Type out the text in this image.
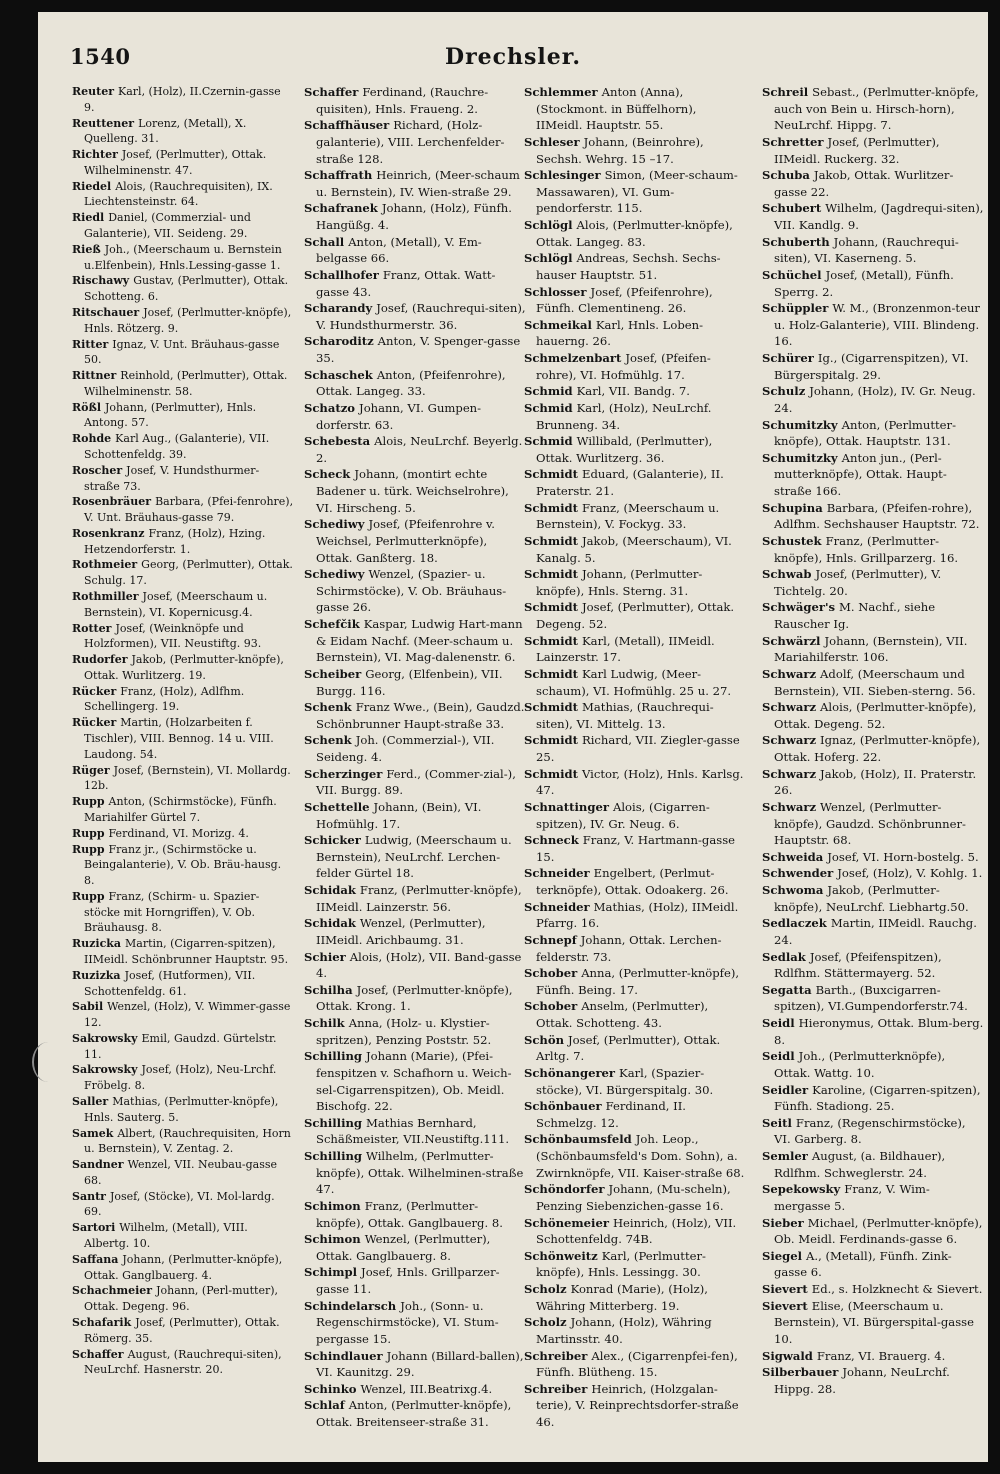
1540	Drechsler.

Reuter Karl, (Holz), II.Czernin-gasse 9.

Reuttener Lorenz, (Metall), X. Quelleng. 31.

Richter Josef, (Perlmutter), Ottak. Wilhelminenstr. 47.

Riedel Alois, (Rauchrequisiten), IX. Liechtensteinstr. 64.

Riedl Daniel, (Commerzial- und Galanterie), VII. Seideng. 29.

Rieß Joh., (Meerschaum u. Bernstein u.Elfenbein), Hnls.Lessing-gasse 1.

Rischawy Gustav, (Perlmutter), Ottak. Schotteng. 6.

Ritschauer Josef, (Perlmutter-knöpfe), Hnls. Rötzerg. 9.

Ritter Ignaz, V. Unt. Bräuhaus-gasse 50.

Rittner Reinhold, (Perlmutter), Ottak. Wilhelminenstr. 58.

Rößl Johann, (Perlmutter), Hnls. Antong. 57.

Rohde Karl Aug., (Galanterie), VII. Schottenfeldg. 39.

Roscher Josef, V. Hundsthurmer-straße 73.

Rosenbräuer Barbara, (Pfei-fenrohre), V. Unt. Bräuhaus-gasse 79.

Rosenkranz Franz, (Holz), Hzing. Hetzendorferstr. 1.

Rothmeier Georg, (Perlmutter), Ottak. Schulg. 17.

Rothmiller Josef, (Meerschaum u. Bernstein), VI. Kopernicusg.4.

Rotter Josef, (Weinknöpfe und Holzformen), VII. Neustiftg. 93.

Rudorfer Jakob, (Perlmutter-knöpfe), Ottak. Wurlitzerg. 19.

Rücker Franz, (Holz), Adlfhm. Schellingerg. 19.

Rücker Martin, (Holzarbeiten f. Tischler), VIII. Bennog. 14 u. VIII. Laudong. 54.

Rüger Josef, (Bernstein), VI. Mollardg. 12b.

Rupp Anton, (Schirmstöcke), Fünfh. Mariahilfer Gürtel 7.

Rupp Ferdinand, VI. Morizg. 4.

Rupp Franz jr., (Schirmstöcke u. Beingalanterie), V. Ob. Bräu-hausg. 8.

Rupp Franz, (Schirm- u. Spazier-stöcke mit Horngriffen), V. Ob. Bräuhausg. 8.

Ruzicka Martin, (Cigarren-spitzen), IIMeidl. Schönbrunner Hauptstr. 95.

Ruzizka Josef, (Hutformen), VII. Schottenfeldg. 61.

Sabil Wenzel, (Holz), V. Wimmer-gasse 12.

Sakrowsky Emil, Gaudzd. Gürtelstr. 11.

Sakrowsky Josef, (Holz), Neu-Lrchf. Fröbelg. 8.

Saller Mathias, (Perlmutter-knöpfe), Hnls. Sauterg. 5.

Samek Albert, (Rauchrequisiten, Horn u. Bernstein), V. Zentag. 2.

Sandner Wenzel, VII. Neubau-gasse 68.

Santr Josef, (Stöcke), VI. Mol-lardg. 69.

Sartori Wilhelm, (Metall), VIII. Albertg. 10.

Saffana Johann, (Perlmutter-knöpfe), Ottak. Ganglbauerg. 4.

Schachmeier Johann, (Perl-mutter), Ottak. Degeng. 96.

Schafarik Josef, (Perlmutter), Ottak. Römerg. 35.

Schaffer August, (Rauchrequi-siten), NeuLrchf. Hasnerstr. 20.

Schaffer Ferdinand, (Rauchre-quisiten), Hnls. Fraueng. 2.

Schaffhäuser Richard, (Holz-galanterie), VIII. Lerchenfelder-straße 128.

Schaffrath Heinrich, (Meer-schaum u. Bernstein), IV. Wien-straße 29.

Schafranek Johann, (Holz), Fünfh. Hangüßg. 4.

Schall Anton, (Metall), V. Em-belgasse 66.

Schallhofer Franz, Ottak. Watt-gasse 43.

Scharandy Josef, (Rauchrequi-siten), V. Hundsthurmerstr. 36.

Scharoditz Anton, V. Spenger-gasse 35.

Schaschek Anton, (Pfeifenrohre), Ottak. Langeg. 33.

Schatzo Johann, VI. Gumpen-dorferstr. 63.

Schebesta Alois, NeuLrchf. Beyerlg. 2.

Scheck Johann, (montirt echte Badener u. türk. Weichselrohre), VI. Hirscheng. 5.

Schediwy Josef, (Pfeifenrohre v. Weichsel, Perlmutterknöpfe), Ottak. Ganßterg. 18.

Schediwy Wenzel, (Spazier- u. Schirmstöcke), V. Ob. Bräuhaus-gasse 26.

Schefčik Kaspar, Ludwig Hart-mann & Eidam Nachf. (Meer-schaum u. Bernstein), VI. Mag-dalenenstr. 6.

Scheiber Georg, (Elfenbein), VII. Burgg. 116.

Schenk Franz Wwe., (Bein), Gaudzd. Schönbrunner Haupt-straße 33.

Schenk Joh. (Commerzial-), VII. Seideng. 4.

Scherzinger Ferd., (Commer-zial-), VII. Burgg. 89.

Schettelle Johann, (Bein), VI. Hofmühlg. 17.

Schicker Ludwig, (Meerschaum u. Bernstein), NeuLrchf. Lerchen-felder Gürtel 18.

Schidak Franz, (Perlmutter-knöpfe), IIMeidl. Lainzerstr. 56.

Schidak Wenzel, (Perlmutter), IIMeidl. Arichbaumg. 31.

Schier Alois, (Holz), VII. Band-gasse 4.

Schilha Josef, (Perlmutter-knöpfe), Ottak. Krong. 1.

Schilk Anna, (Holz- u. Klystier-spritzen), Penzing Poststr. 52.

Schilling Johann (Marie), (Pfei-fenspitzen v. Schafhorn u. Weich-sel-Cigarrenspitzen), Ob. Meidl. Bischofg. 22.

Schilling Mathias Bernhard, Schäßmeister, VII.Neustiftg.111.

Schilling Wilhelm, (Perlmutter-knöpfe), Ottak. Wilhelminen-straße 47.

Schimon Franz, (Perlmutter-knöpfe), Ottak. Ganglbauerg. 8.

Schimon Wenzel, (Perlmutter), Ottak. Ganglbauerg. 8.

Schimpl Josef, Hnls. Grillparzer-gasse 11.

Schindelarsch Joh., (Sonn- u. Regenschirmstöcke), VI. Stum-pergasse 15.

Schindlauer Johann (Billard-ballen), VI. Kaunitzg. 29.

Schinko Wenzel, III.Beatrixg.4.

Schlaf Anton, (Perlmutter-knöpfe), Ottak. Breitenseer-straße 31.

Schlemmer Anton (Anna), (Stockmont. in Büffelhorn), IIMeidl. Hauptstr. 55.

Schleser Johann, (Beinrohre), Sechsh. Wehrg. 15 –17.

Schlesinger Simon, (Meer-schaum-Massawaren), VI. Gum-pendorferstr. 115.

Schlögl Alois, (Perlmutter-knöpfe), Ottak. Langeg. 83.

Schlögl Andreas, Sechsh. Sechs-hauser Hauptstr. 51.

Schlosser Josef, (Pfeifenrohre), Fünfh. Clementineng. 26.

Schmeikal Karl, Hnls. Loben-hauerng. 26.

Schmelzenbart Josef, (Pfeifen-rohre), VI. Hofmühlg. 17.

Schmid Karl, VII. Bandg. 7.

Schmid Karl, (Holz), NeuLrchf. Brunneng. 34.

Schmid Willibald, (Perlmutter), Ottak. Wurlitzerg. 36.

Schmidt Eduard, (Galanterie), II. Praterstr. 21.

Schmidt Franz, (Meerschaum u. Bernstein), V. Fockyg. 33.

Schmidt Jakob, (Meerschaum), VI. Kanalg. 5.

Schmidt Johann, (Perlmutter-knöpfe), Hnls. Sterng. 31.

Schmidt Josef, (Perlmutter), Ottak. Degeng. 52.

Schmidt Karl, (Metall), IIMeidl. Lainzerstr. 17.

Schmidt Karl Ludwig, (Meer-schaum), VI. Hofmühlg. 25 u. 27.

Schmidt Mathias, (Rauchrequi-siten), VI. Mittelg. 13.

Schmidt Richard, VII. Ziegler-gasse 25.

Schmidt Victor, (Holz), Hnls. Karlsg. 47.

Schnattinger Alois, (Cigarren-spitzen), IV. Gr. Neug. 6.

Schneck Franz, V. Hartmann-gasse 15.

Schneider Engelbert, (Perlmut-terknöpfe), Ottak. Odoakerg. 26.

Schneider Mathias, (Holz), IIMeidl. Pfarrg. 16.

Schnepf Johann, Ottak. Lerchen-felderstr. 73.

Schober Anna, (Perlmutter-knöpfe), Fünfh. Being. 17.

Schober Anselm, (Perlmutter), Ottak. Schotteng. 43.

Schön Josef, (Perlmutter), Ottak. Arltg. 7.

Schönangerer Karl, (Spazier-stöcke), VI. Bürgerspitalg. 30.

Schönbauer Ferdinand, II. Schmelzg. 12.

Schönbaumsfeld Joh. Leop., (Schönbaumsfeld's Dom. Sohn), a. Zwirnknöpfe, VII. Kaiser-straße 68.

Schöndorfer Johann, (Mu-scheln), Penzing Siebenzichen-gasse 16.

Schönemeier Heinrich, (Holz), VII. Schottenfeldg. 74B.

Schönweitz Karl, (Perlmutter-knöpfe), Hnls. Lessingg. 30.

Scholz Konrad (Marie), (Holz), Währing Mitterberg. 19.

Scholz Johann, (Holz), Währing Martinsstr. 40.

Schreiber Alex., (Cigarrenpfei-fen), Fünfh. Blütheng. 15.

Schreiber Heinrich, (Holzgalan-terie), V. Reinprechtsdorfer-straße 46.

Schreil Sebast., (Perlmutter-knöpfe, auch von Bein u. Hirsch-horn), NeuLrchf. Hippg. 7.

Schretter Josef, (Perlmutter), IIMeidl. Ruckerg. 32.

Schuba Jakob, Ottak. Wurlitzer-gasse 22.

Schubert Wilhelm, (Jagdrequi-siten), VII. Kandlg. 9.

Schuberth Johann, (Rauchrequi-siten), VI. Kaserneng. 5.

Schüchel Josef, (Metall), Fünfh. Sperrg. 2.

Schüppler W. M., (Bronzenmon-teur u. Holz-Galanterie), VIII. Blindeng. 16.

Schürer Ig., (Cigarrenspitzen), VI. Bürgerspitalg. 29.

Schulz Johann, (Holz), IV. Gr. Neug. 24.

Schumitzky Anton, (Perlmutter-knöpfe), Ottak. Hauptstr. 131.

Schumitzky Anton jun., (Perl-mutterknöpfe), Ottak. Haupt-straße 166.

Schupina Barbara, (Pfeifen-rohre), Adlfhm. Sechshauser Hauptstr. 72.

Schustek Franz, (Perlmutter-knöpfe), Hnls. Grillparzerg. 16.

Schwab Josef, (Perlmutter), V. Tichtelg. 20.

Schwäger's M. Nachf., siehe Rauscher Ig.

Schwärzl Johann, (Bernstein), VII. Mariahilferstr. 106.

Schwarz Adolf, (Meerschaum und Bernstein), VII. Sieben-sterng. 56.

Schwarz Alois, (Perlmutter-knöpfe), Ottak. Degeng. 52.

Schwarz Ignaz, (Perlmutter-knöpfe), Ottak. Hoferg. 22.

Schwarz Jakob, (Holz), II. Praterstr. 26.

Schwarz Wenzel, (Perlmutter-knöpfe), Gaudzd. Schönbrunner-Hauptstr. 68.

Schweida Josef, VI. Horn-bostelg. 5.

Schwender Josef, (Holz), V. Kohlg. 1.

Schwoma Jakob, (Perlmutter-knöpfe), NeuLrchf. Liebhartg.50.

Sedlaczek Martin, IIMeidl. Rauchg. 24.

Sedlak Josef, (Pfeifenspitzen), Rdlfhm. Stättermayerg. 52.

Segatta Barth., (Buxcigarren-spitzen), VI.Gumpendorferstr.74.

Seidl Hieronymus, Ottak. Blum-berg. 8.

Seidl Joh., (Perlmutterknöpfe), Ottak. Wattg. 10.

Seidler Karoline, (Cigarren-spitzen), Fünfh. Stadiong. 25.

Seitl Franz, (Regenschirmstöcke), VI. Garberg. 8.

Semler August, (a. Bildhauer), Rdlfhm. Schweglerstr. 24.

Sepekowsky Franz, V. Wim-mergasse 5.

Sieber Michael, (Perlmutter-knöpfe), Ob. Meidl. Ferdinands-gasse 6.

Siegel A., (Metall), Fünfh. Zink-gasse 6.

Sievert Ed., s. Holzknecht & Sievert.

Sievert Elise, (Meerschaum u. Bernstein), VI. Bürgerspital-gasse 10.

Sigwald Franz, VI. Brauerg. 4.

Silberbauer Johann, NeuLrchf. Hippg. 28.
